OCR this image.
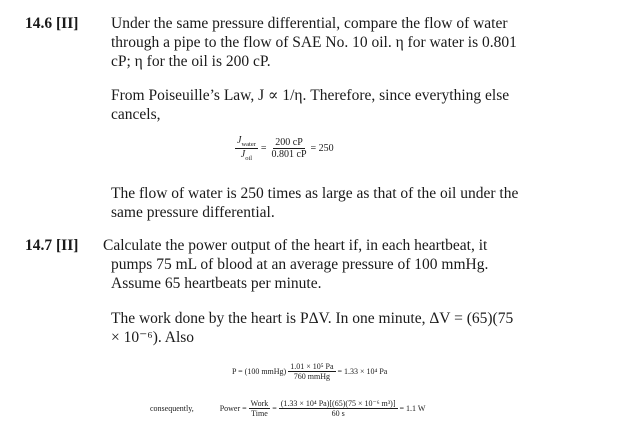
14.6 [II] Under the same pressure differential, compare the flow of water
through a pipe to the flow of SAE No. 10 oil. η for water is 0.801
cP; η for the oil is 200 cP.
From Poiseuille’s Law, J ∝ 1/η. Therefore, since everything else
cancels,
$\frac{J_{water}}{J_{oil}} = \frac{200 cP}{0.801 cP} = 250$
The flow of water is 250 times as large as that of the oil under the
same pressure differential.
14.7 [II] Calculate the power output of the heart if, in each heartbeat, it
pumps 75 mL of blood at an average pressure of 100 mmHg.
Assume 65 heartbeats per minute.
The work done by the heart is PΔV. In one minute, ΔV = (65)(75
× 10⁻⁶). Also
P = (100 mmHg) $\frac{\text{1.01 × 10⁵ Pa}}{\text{760 mmHg}} = 1.33 \times 10^4$ Pa
consequently,	Power = $\frac{\text{Work}}{\text{Time}} = \frac{\text{(1.33 × 10⁴ Pa)[(65)(75 × 10⁻⁶ m³)]}}{60 s} = 1.1$ W
